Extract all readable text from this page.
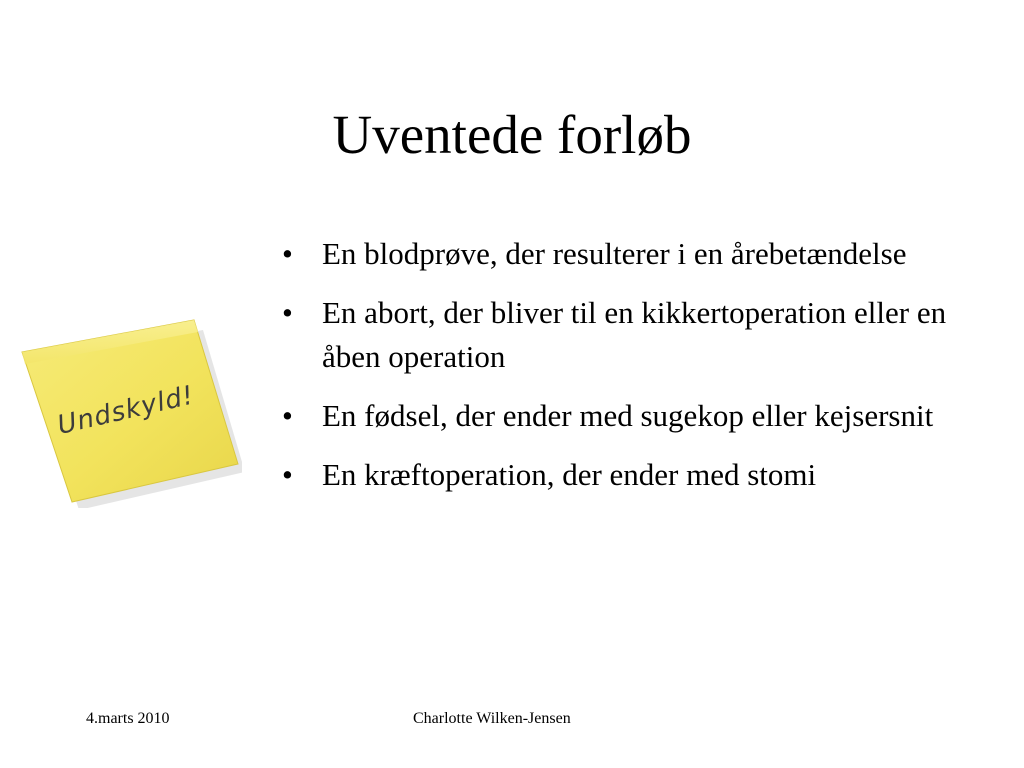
Uventede forløb
Undskyld!
• En blodprøve, der resulterer i en årebetændelse
• En abort, der bliver til en kikkertoperation eller en åben operation
• En fødsel, der ender med sugekop eller kejsersnit
• En kræftoperation, der ender med stomi
4.marts 2010	Charlotte Wilken-Jensen
